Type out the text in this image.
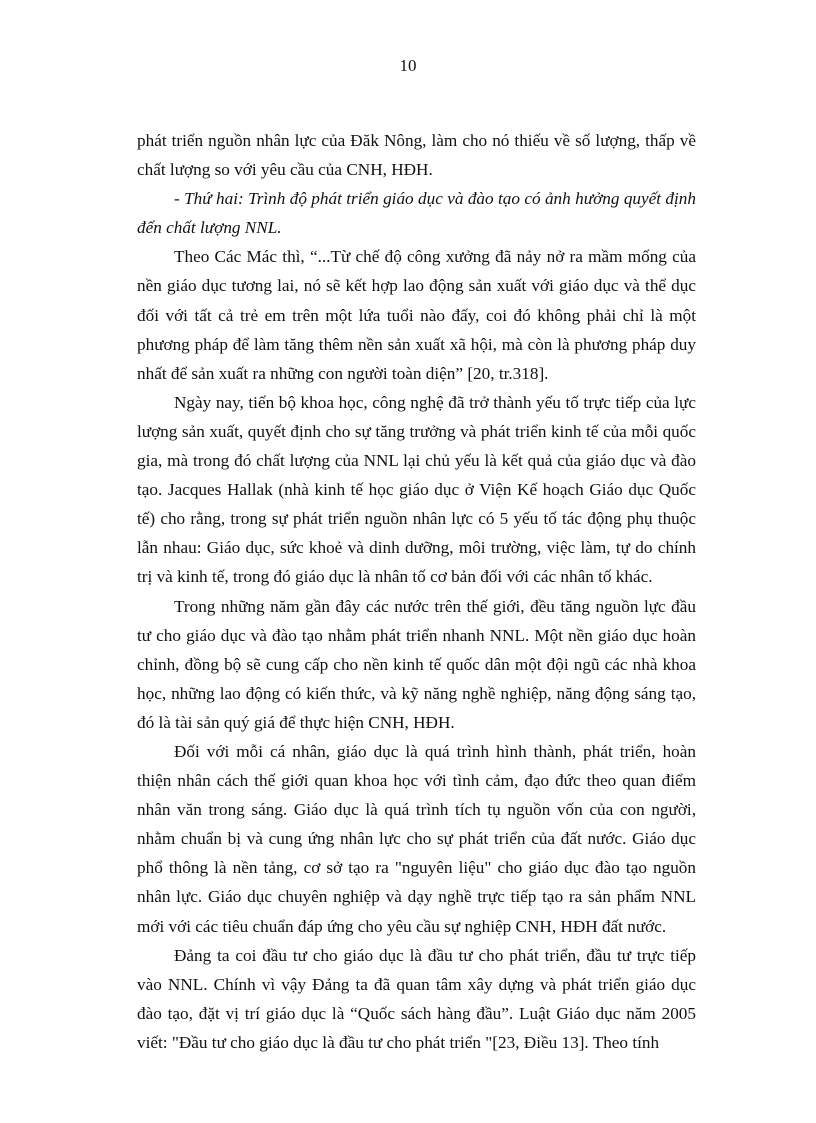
10

phát triển nguồn nhân lực của Đăk Nông, làm cho nó thiếu về số lượng, thấp về chất lượng so với yêu cầu của CNH, HĐH.

- Thứ hai: Trình độ phát triển giáo dục và đào tạo có ảnh hưởng quyết định đến chất lượng NNL.

Theo Các Mác thì, “...Từ chế độ công xưởng đã nảy nở ra mầm mống của nền giáo dục tương lai, nó sẽ kết hợp lao động sản xuất với giáo dục và thể dục đối với tất cả trẻ em trên một lứa tuổi nào đấy, coi đó không phải chỉ là một phương pháp để làm tăng thêm nền sản xuất xã hội, mà còn là phương pháp duy nhất để sản xuất ra những con người toàn diện” [20, tr.318].

Ngày nay, tiến bộ khoa học, công nghệ đã trở thành yếu tố trực tiếp của lực lượng sản xuất, quyết định cho sự tăng trưởng và phát triển kinh tế của mỗi quốc gia, mà trong đó chất lượng của NNL lại chủ yếu là kết quả của giáo dục và đào tạo. Jacques Hallak (nhà kinh tế học giáo dục ở Viện Kế hoạch Giáo dục Quốc tế) cho rằng, trong sự phát triển nguồn nhân lực có 5 yếu tố tác động phụ thuộc lẫn nhau: Giáo dục, sức khoẻ và dinh dưỡng, môi trường, việc làm, tự do chính trị và kinh tế, trong đó giáo dục là nhân tố cơ bản đối với các nhân tố khác.

Trong những năm gần đây các nước trên thế giới, đều tăng nguồn lực đầu tư cho giáo dục và đào tạo nhằm phát triển nhanh NNL. Một nền giáo dục hoàn chỉnh, đồng bộ sẽ cung cấp cho nền kinh tế quốc dân một đội ngũ các nhà khoa học, những lao động có kiến thức, và kỹ năng nghề nghiệp, năng động sáng tạo, đó là tài sản quý giá để thực hiện CNH, HĐH.

Đối với mỗi cá nhân, giáo dục là quá trình hình thành, phát triển, hoàn thiện nhân cách thế giới quan khoa học với tình cảm, đạo đức theo quan điểm nhân văn trong sáng. Giáo dục là quá trình tích tụ nguồn vốn của con người, nhằm chuẩn bị và cung ứng nhân lực cho sự phát triển của đất nước. Giáo dục phổ thông là nền tảng, cơ sở tạo ra "nguyên liệu" cho giáo dục đào tạo nguồn nhân lực. Giáo dục chuyên nghiệp và dạy nghề trực tiếp tạo ra sản phẩm NNL mới với các tiêu chuẩn đáp ứng cho yêu cầu sự nghiệp CNH, HĐH đất nước.

Đảng ta coi đầu tư cho giáo dục là đầu tư cho phát triển, đầu tư trực tiếp vào NNL. Chính vì vậy Đảng ta đã quan tâm xây dựng và phát triển giáo dục đào tạo, đặt vị trí giáo dục là “Quốc sách hàng đầu”. Luật Giáo dục năm 2005 viết: "Đầu tư cho giáo dục là đầu tư cho phát triển "[23, Điều 13]. Theo tính
